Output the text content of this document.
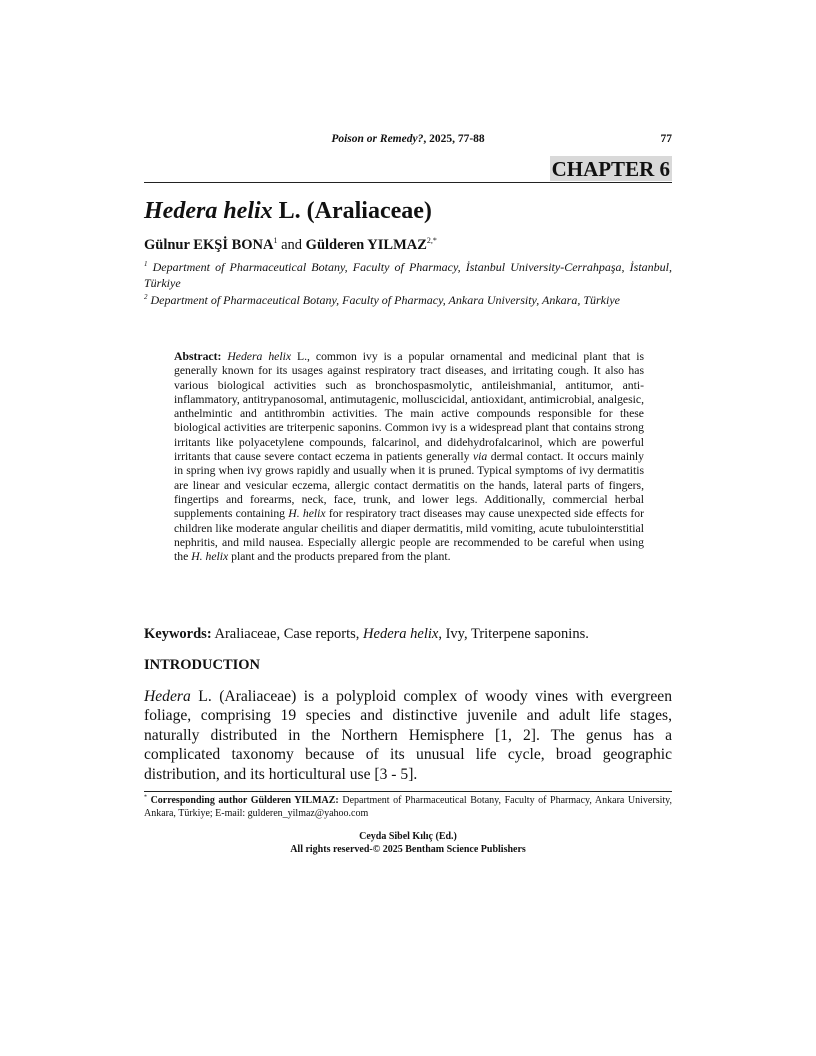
Poison or Remedy?, 2025, 77-88	77
CHAPTER 6
Hedera helix L. (Araliaceae)
Gülnur EKŞİ BONA$^1$ and Gülderen $YILMAZ^{2,*}$
$^1$ Department of Pharmaceutical Botany, Faculty of Pharmacy, İstanbul University-Cerrahpaşa, İstanbul, Türkiye
$^2$ Department of Pharmaceutical Botany, Faculty of Pharmacy, Ankara University, Ankara, Türkiye
Abstract: Hedera helix L., common ivy is a popular ornamental and medicinal plant that is generally known for its usages against respiratory tract diseases, and irritating cough. It also has various biological activities such as bronchospasmolytic, antileishmanial, antitumor, anti-inflammatory, antitrypanosomal, antimutagenic, molluscicidal, antioxidant, antimicrobial, analgesic, anthelmintic and antithrombin activities. The main active compounds responsible for these biological activities are triterpenic saponins. Common ivy is a widespread plant that contains strong irritants like polyacetylene compounds, falcarinol, and didehydrofalcarinol, which are powerful irritants that cause severe contact eczema in patients generally via dermal contact. It occurs mainly in spring when ivy grows rapidly and usually when it is pruned. Typical symptoms of ivy dermatitis are linear and vesicular eczema, allergic contact dermatitis on the hands, lateral parts of fingers, fingertips and forearms, neck, face, trunk, and lower legs. Additionally, commercial herbal supplements containing H. helix for respiratory tract diseases may cause unexpected side effects for children like moderate angular cheilitis and diaper dermatitis, mild vomiting, acute tubulointerstitial nephritis, and mild nausea. Especially allergic people are recommended to be careful when using the H. helix plant and the products prepared from the plant.
Keywords: Araliaceae, Case reports, Hedera helix, Ivy, Triterpene saponins.
INTRODUCTION
Hedera L. (Araliaceae) is a polyploid complex of woody vines with evergreen foliage, comprising 19 species and distinctive juvenile and adult life stages, naturally distributed in the Northern Hemisphere [1, 2]. The genus has a complicated taxonomy because of its unusual life cycle, broad geographic distribution, and its horticultural use [3 - 5].
* Corresponding author Gülderen YILMAZ: Department of Pharmaceutical Botany, Faculty of Pharmacy, Ankara University, Ankara, Türkiye; E-mail: gulderen_yilmaz@yahoo.com
Ceyda Sibel Kılıç (Ed.)
All rights reserved-© 2025 Bentham Science Publishers
